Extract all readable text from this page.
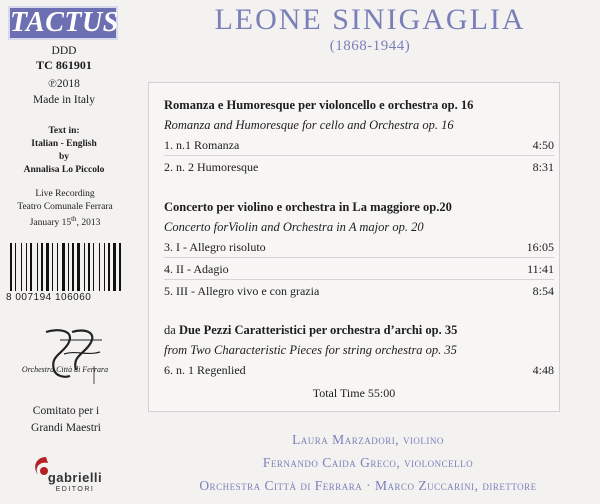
TACTUS
DDD
TC 861901
℗2018
Made in Italy
Text in:
Italian - English
by
Annalisa Lo Piccolo
Live Recording
Teatro Comunale Ferrara
January 15th, 2013
8 007194 106060
Orchestra Città di Ferrara
Comitato per i
Grandi Maestri
gabrielli
EDITORI
LEONE SINIGAGLIA
(1868-1944)
Romanza e Humoresque per violoncello e orchestra op. 16
Romanza and Humoresque for cello and Orchestra op. 16
1. n.1 Romanza	4:50
2. n. 2 Humoresque	8:31
Concerto per violino e orchestra in La maggiore op.20
Concerto forViolin and Orchestra in A major op. 20
3. I - Allegro risoluto	16:05
4. II - Adagio	11:41
5. III - Allegro vivo e con grazia	8:54
da Due Pezzi Caratteristici per orchestra d’archi op. 35
from Two Characteristic Pieces for string orchestra op. 35
6. n. 1 Regenlied	4:48
Total Time 55:00
Laura Marzadori, violino
Fernando Caida Greco, violoncello
Orchestra Città di Ferrara · Marco Zuccarini, direttore
